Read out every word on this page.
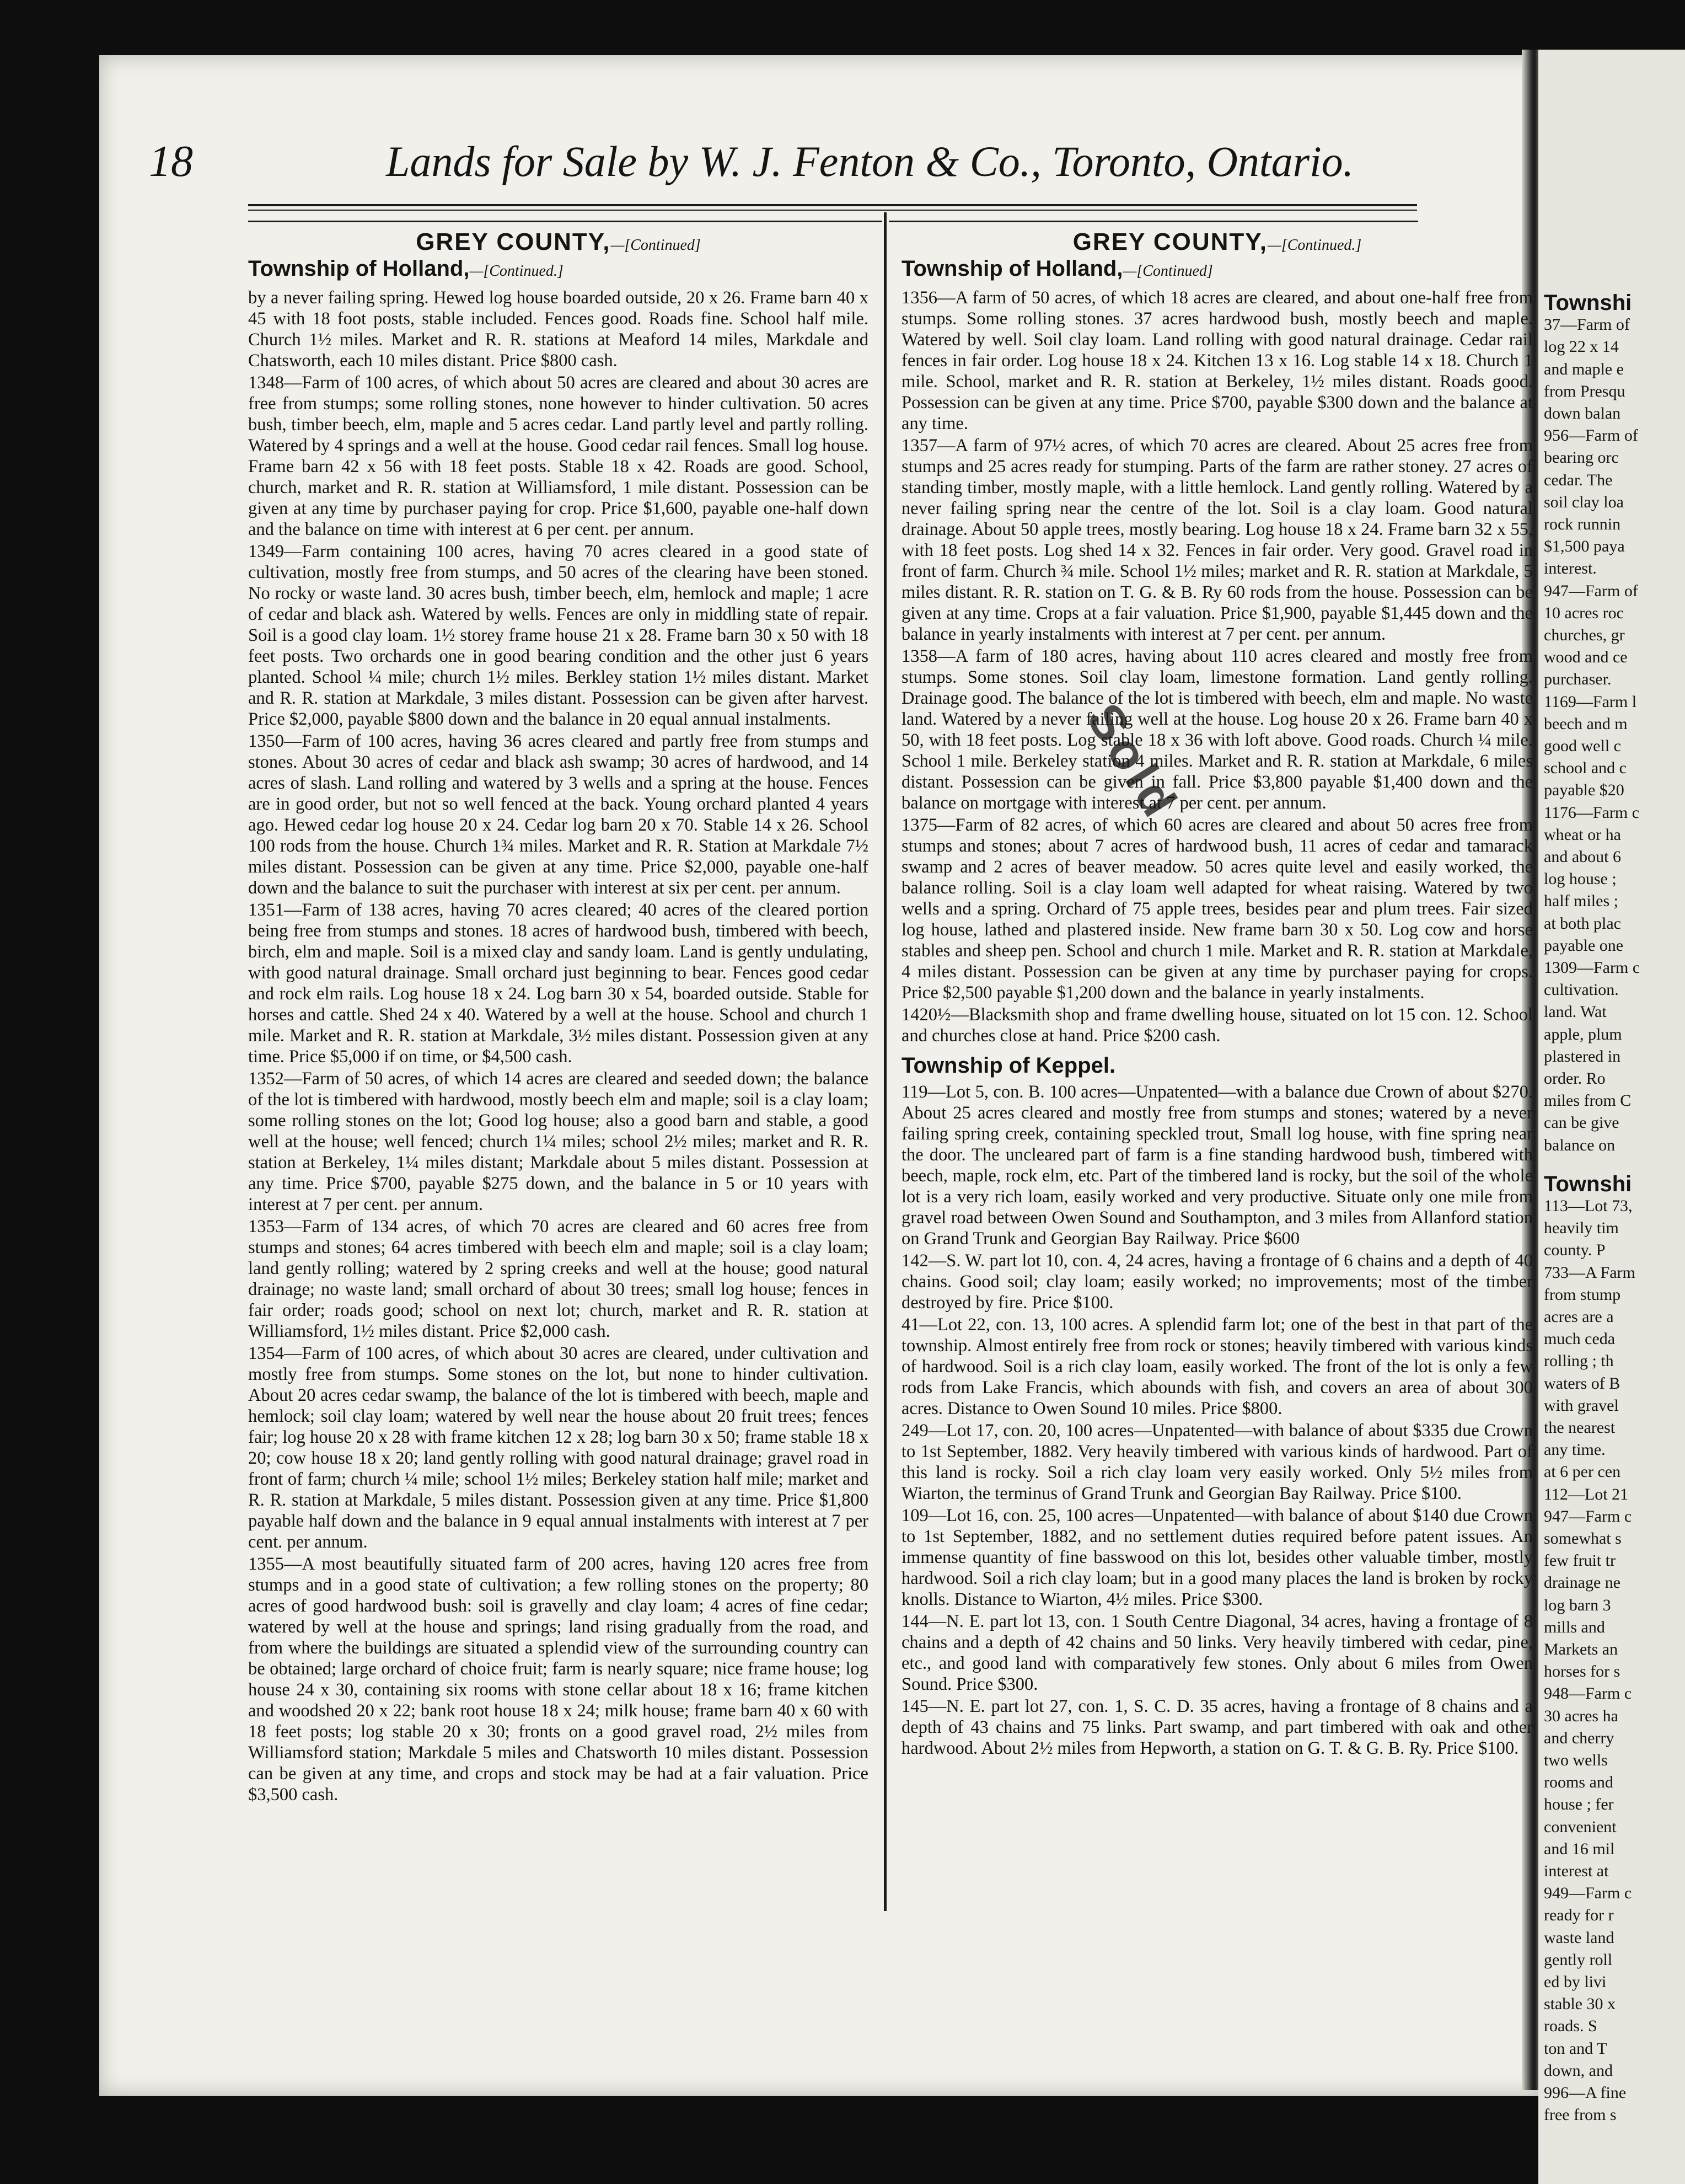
Townshi
37—Farm of
log 22 x 14
and maple e
from Presqu
down balan
956—Farm of
bearing orc
cedar. The
soil clay loa
rock runnin
$1,500 paya
interest.
947—Farm of
10 acres roc
churches, gr
wood and ce
purchaser.
1169—Farm l
beech and m
good well c
school and c
payable $20
1176—Farm c
wheat or ha
and about 6
log house ;
half miles ;
at both plac
payable one
1309—Farm c
cultivation.
land. Wat
apple, plum
plastered in
order. Ro
miles from C
can be give
balance on
Townshi
113—Lot 73,
heavily tim
county. P
733—A Farm
from stump
acres are a
much ceda
rolling ; th
waters of B
with gravel
the nearest
any time.
at 6 per cen
112—Lot 21
947—Farm c
somewhat s
few fruit tr
drainage ne
log barn 3
mills and
Markets an
horses for s
948—Farm c
30 acres ha
and cherry
two wells
rooms and
house ; fer
convenient
and 16 mil
interest at
949—Farm c
ready for r
waste land
gently roll
ed by livi
stable 30 x
roads. S
ton and T
down, and
996—A fine
free from s
18	Lands for Sale by W. J. Fenton & Co., Toronto, Ontario.
GREY COUNTY,—[Continued]
Township of Holland,—[Continued.]

by a never failing spring. Hewed log house boarded outside, 20 x 26. Frame barn 40 x 45 with 18 foot posts, stable included. Fences good. Roads fine. School half mile. Church 1½ miles. Market and R. R. stations at Meaford 14 miles, Markdale and Chatsworth, each 10 miles distant. Price $800 cash.

1348—Farm of 100 acres, of which about 50 acres are cleared and about 30 acres are free from stumps; some rolling stones, none however to hinder cultivation. 50 acres bush, timber beech, elm, maple and 5 acres cedar. Land partly level and partly rolling. Watered by 4 springs and a well at the house. Good cedar rail fences. Small log house. Frame barn 42 x 56 with 18 feet posts. Stable 18 x 42. Roads are good. School, church, market and R. R. station at Williamsford, 1 mile distant. Possession can be given at any time by purchaser paying for crop. Price $1,600, payable one-half down and the balance on time with interest at 6 per cent. per annum.

1349—Farm containing 100 acres, having 70 acres cleared in a good state of cultivation, mostly free from stumps, and 50 acres of the clearing have been stoned. No rocky or waste land. 30 acres bush, timber beech, elm, hemlock and maple; 1 acre of cedar and black ash. Watered by wells. Fences are only in middling state of repair. Soil is a good clay loam. 1½ storey frame house 21 x 28. Frame barn 30 x 50 with 18 feet posts. Two orchards one in good bearing condition and the other just 6 years planted. School ¼ mile; church 1½ miles. Berkley station 1½ miles distant. Market and R. R. station at Markdale, 3 miles distant. Possession can be given after harvest. Price $2,000, payable $800 down and the balance in 20 equal annual instalments.

1350—Farm of 100 acres, having 36 acres cleared and partly free from stumps and stones. About 30 acres of cedar and black ash swamp; 30 acres of hardwood, and 14 acres of slash. Land rolling and watered by 3 wells and a spring at the house. Fences are in good order, but not so well fenced at the back. Young orchard planted 4 years ago. Hewed cedar log house 20 x 24. Cedar log barn 20 x 70. Stable 14 x 26. School 100 rods from the house. Church 1¾ miles. Market and R. R. Station at Markdale 7½ miles distant. Possession can be given at any time. Price $2,000, payable one-half down and the balance to suit the purchaser with interest at six per cent. per annum.

1351—Farm of 138 acres, having 70 acres cleared; 40 acres of the cleared portion being free from stumps and stones. 18 acres of hardwood bush, timbered with beech, birch, elm and maple. Soil is a mixed clay and sandy loam. Land is gently undulating, with good natural drainage. Small orchard just beginning to bear. Fences good cedar and rock elm rails. Log house 18 x 24. Log barn 30 x 54, boarded outside. Stable for horses and cattle. Shed 24 x 40. Watered by a well at the house. School and church 1 mile. Market and R. R. station at Markdale, 3½ miles distant. Possession given at any time. Price $5,000 if on time, or $4,500 cash.

1352—Farm of 50 acres, of which 14 acres are cleared and seeded down; the balance of the lot is timbered with hardwood, mostly beech elm and maple; soil is a clay loam; some rolling stones on the lot; Good log house; also a good barn and stable, a good well at the house; well fenced; church 1¼ miles; school 2½ miles; market and R. R. station at Berkeley, 1¼ miles distant; Markdale about 5 miles distant. Possession at any time. Price $700, payable $275 down, and the balance in 5 or 10 years with interest at 7 per cent. per annum.

1353—Farm of 134 acres, of which 70 acres are cleared and 60 acres free from stumps and stones; 64 acres timbered with beech elm and maple; soil is a clay loam; land gently rolling; watered by 2 spring creeks and well at the house; good natural drainage; no waste land; small orchard of about 30 trees; small log house; fences in fair order; roads good; school on next lot; church, market and R. R. station at Williamsford, 1½ miles distant. Price $2,000 cash.

1354—Farm of 100 acres, of which about 30 acres are cleared, under cultivation and mostly free from stumps. Some stones on the lot, but none to hinder cultivation. About 20 acres cedar swamp, the balance of the lot is timbered with beech, maple and hemlock; soil clay loam; watered by well near the house about 20 fruit trees; fences fair; log house 20 x 28 with frame kitchen 12 x 28; log barn 30 x 50; frame stable 18 x 20; cow house 18 x 20; land gently rolling with good natural drainage; gravel road in front of farm; church ¼ mile; school 1½ miles; Berkeley station half mile; market and R. R. station at Markdale, 5 miles distant. Possession given at any time. Price $1,800 payable half down and the balance in 9 equal annual instalments with interest at 7 per cent. per annum.

1355—A most beautifully situated farm of 200 acres, having 120 acres free from stumps and in a good state of cultivation; a few rolling stones on the property; 80 acres of good hardwood bush: soil is gravelly and clay loam; 4 acres of fine cedar; watered by well at the house and springs; land rising gradually from the road, and from where the buildings are situated a splendid view of the surrounding country can be obtained; large orchard of choice fruit; farm is nearly square; nice frame house; log house 24 x 30, containing six rooms with stone cellar about 18 x 16; frame kitchen and woodshed 20 x 22; bank root house 18 x 24; milk house; frame barn 40 x 60 with 18 feet posts; log stable 20 x 30; fronts on a good gravel road, 2½ miles from Williamsford station; Markdale 5 miles and Chatsworth 10 miles distant. Possession can be given at any time, and crops and stock may be had at a fair valuation. Price $3,500 cash.

GREY COUNTY,—[Continued.]
Township of Holland,—[Continued]

1356—A farm of 50 acres, of which 18 acres are cleared, and about one-half free from stumps. Some rolling stones. 37 acres hardwood bush, mostly beech and maple. Watered by well. Soil clay loam. Land rolling with good natural drainage. Cedar rail fences in fair order. Log house 18 x 24. Kitchen 13 x 16. Log stable 14 x 18. Church 1 mile. School, market and R. R. station at Berkeley, 1½ miles distant. Roads good. Possession can be given at any time. Price $700, payable $300 down and the balance at any time.

1357—A farm of 97½ acres, of which 70 acres are cleared. About 25 acres free from stumps and 25 acres ready for stumping. Parts of the farm are rather stoney. 27 acres of standing timber, mostly maple, with a little hemlock. Land gently rolling. Watered by a never failing spring near the centre of the lot. Soil is a clay loam. Good natural drainage. About 50 apple trees, mostly bearing. Log house 18 x 24. Frame barn 32 x 55, with 18 feet posts. Log shed 14 x 32. Fences in fair order. Very good. Gravel road in front of farm. Church ¾ mile. School 1½ miles; market and R. R. station at Markdale, 5 miles distant. R. R. station on T. G. & B. Ry 60 rods from the house. Possession can be given at any time. Crops at a fair valuation. Price $1,900, payable $1,445 down and the balance in yearly instalments with interest at 7 per cent. per annum.

1358—A farm of 180 acres, having about 110 acres cleared and mostly free from stumps. Some stones. Soil clay loam, limestone formation. Land gently rolling. Drainage good. The balance of the lot is timbered with beech, elm and maple. No waste land. Watered by a never failing well at the house. Log house 20 x 26. Frame barn 40 x 50, with 18 feet posts. Log stable 18 x 36 with loft above. Good roads. Church ¼ mile. School 1 mile. Berkeley station 4 miles. Market and R. R. station at Markdale, 6 miles distant. Possession can be given in fall. Price $3,800 payable $1,400 down and the balance on mortgage with interest at 7 per cent. per annum.

1375—Farm of 82 acres, of which 60 acres are cleared and about 50 acres free from stumps and stones; about 7 acres of hardwood bush, 11 acres of cedar and tamarack swamp and 2 acres of beaver meadow. 50 acres quite level and easily worked, the balance rolling. Soil is a clay loam well adapted for wheat raising. Watered by two wells and a spring. Orchard of 75 apple trees, besides pear and plum trees. Fair sized log house, lathed and plastered inside. New frame barn 30 x 50. Log cow and horse stables and sheep pen. School and church 1 mile. Market and R. R. station at Markdale, 4 miles distant. Possession can be given at any time by purchaser paying for crops. Price $2,500 payable $1,200 down and the balance in yearly instalments.

1420½—Blacksmith shop and frame dwelling house, situated on lot 15 con. 12. School and churches close at hand. Price $200 cash.

Township of Keppel.

119—Lot 5, con. B. 100 acres—Unpatented—with a balance due Crown of about $270. About 25 acres cleared and mostly free from stumps and stones; watered by a never failing spring creek, containing speckled trout, Small log house, with fine spring near the door. The uncleared part of farm is a fine standing hardwood bush, timbered with beech, maple, rock elm, etc. Part of the timbered land is rocky, but the soil of the whole lot is a very rich loam, easily worked and very productive. Situate only one mile from gravel road between Owen Sound and Southampton, and 3 miles from Allanford station on Grand Trunk and Georgian Bay Railway. Price $600

142—S. W. part lot 10, con. 4, 24 acres, having a frontage of 6 chains and a depth of 40 chains. Good soil; clay loam; easily worked; no improvements; most of the timber destroyed by fire. Price $100.

41—Lot 22, con. 13, 100 acres. A splendid farm lot; one of the best in that part of the township. Almost entirely free from rock or stones; heavily timbered with various kinds of hardwood. Soil is a rich clay loam, easily worked. The front of the lot is only a few rods from Lake Francis, which abounds with fish, and covers an area of about 300 acres. Distance to Owen Sound 10 miles. Price $800.

249—Lot 17, con. 20, 100 acres—Unpatented—with balance of about $335 due Crown to 1st September, 1882. Very heavily timbered with various kinds of hardwood. Part of this land is rocky. Soil a rich clay loam very easily worked. Only 5½ miles from Wiarton, the terminus of Grand Trunk and Georgian Bay Railway. Price $100.

109—Lot 16, con. 25, 100 acres—Unpatented—with balance of about $140 due Crown to 1st September, 1882, and no settlement duties required before patent issues. An immense quantity of fine basswood on this lot, besides other valuable timber, mostly hardwood. Soil a rich clay loam; but in a good many places the land is broken by rocky knolls. Distance to Wiarton, 4½ miles. Price $300.

144—N. E. part lot 13, con. 1 South Centre Diagonal, 34 acres, having a frontage of 8 chains and a depth of 42 chains and 50 links. Very heavily timbered with cedar, pine, etc., and good land with comparatively few stones. Only about 6 miles from Owen Sound. Price $300.

145—N. E. part lot 27, con. 1, S. C. D. 35 acres, having a frontage of 8 chains and a depth of 43 chains and 75 links. Part swamp, and part timbered with oak and other hardwood. About 2½ miles from Hepworth, a station on G. T. & G. B. Ry. Price $100.

Sold
